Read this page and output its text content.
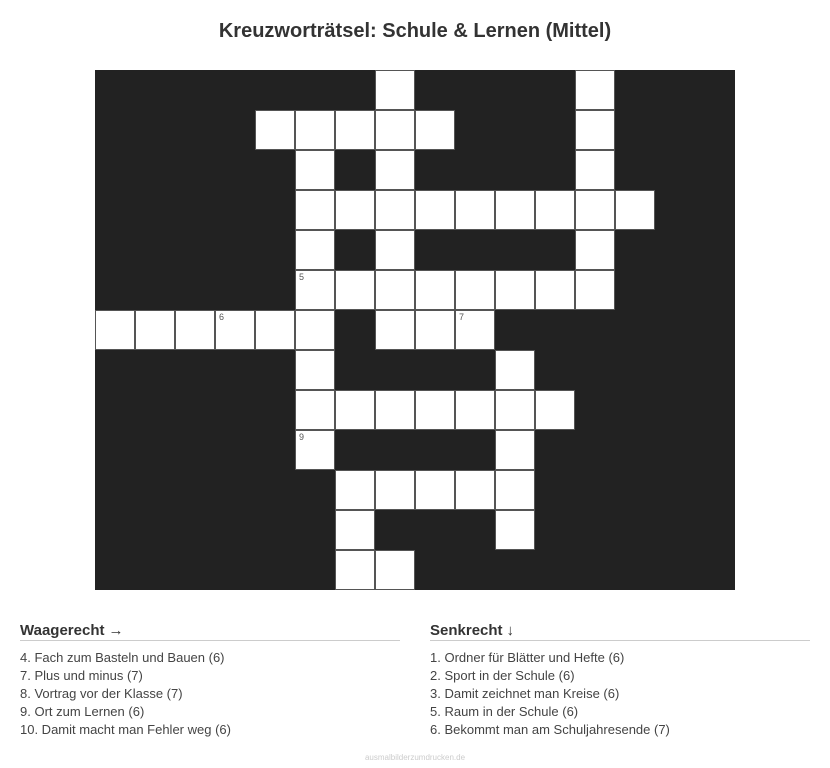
Kreuzworträtsel: Schule & Lernen (Mittel)
5
6	7
9
Waagerecht →
4. Fach zum Basteln und Bauen (6)
7. Plus und minus (7)
8. Vortrag vor der Klasse (7)
9. Ort zum Lernen (6)
10. Damit macht man Fehler weg (6)
Senkrecht ↓
1. Ordner für Blätter und Hefte (6)
2. Sport in der Schule (6)
3. Damit zeichnet man Kreise (6)
5. Raum in der Schule (6)
6. Bekommt man am Schuljahresende (7)
ausmalbilderzumdrucken.de
